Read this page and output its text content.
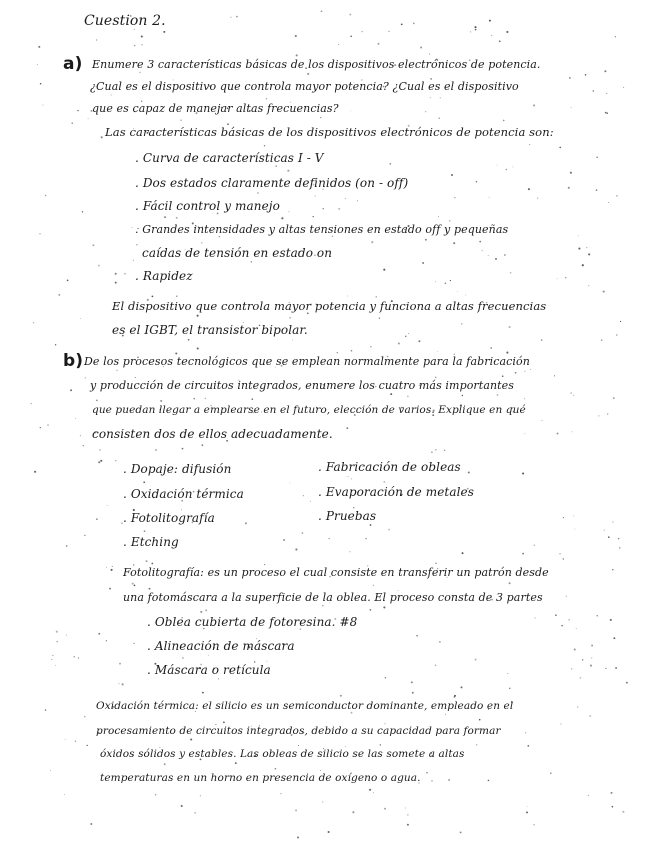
Cuestion 2.
a) Enumere 3 características básicas de los dispositivos electrónicos de potencia.
¿Cual es el dispositivo que controla mayor potencia? ¿Cual es el dispositivo
que es capaz de manejar altas frecuencias?
Las características básicas de los dispositivos electrónicos de potencia son:
. Curva de características I - V
. Dos estados claramente definidos (on - off)
. Fácil control y manejo
. Grandes intensidades y altas tensiones en estado off y pequeñas
caídas de tensión en estado on
. Rapidez
El dispositivo que controla mayor potencia y funciona a altas frecuencias
es el IGBT, el transistor bipolar.
b) De los procesos tecnológicos que se emplean normalmente para la fabricación
y producción de circuitos integrados, enumere los cuatro más importantes
que puedan llegar a emplearse en el futuro, elección de varios. Explique en qué
consisten dos de ellos adecuadamente.
. Dopaje: difusión
. Oxidación térmica
. Fotolitografía
. Etching
. Fabricación de obleas
. Evaporación de metales
. Pruebas
Fotolitografía: es un proceso el cual consiste en transferir un patrón desde
una fotomáscara a la superficie de la oblea. El proceso consta de 3 partes
. Oblea cubierta de fotoresina. #8
. Alineación de máscara
. Máscara o retícula
Oxidación térmica: el silicio es un semiconductor dominante, empleado en el
procesamiento de circuitos integrados, debido a su capacidad para formar
óxidos sólidos y estables. Las obleas de silicio se las somete a altas
temperaturas en un horno en presencia de oxígeno o agua.
